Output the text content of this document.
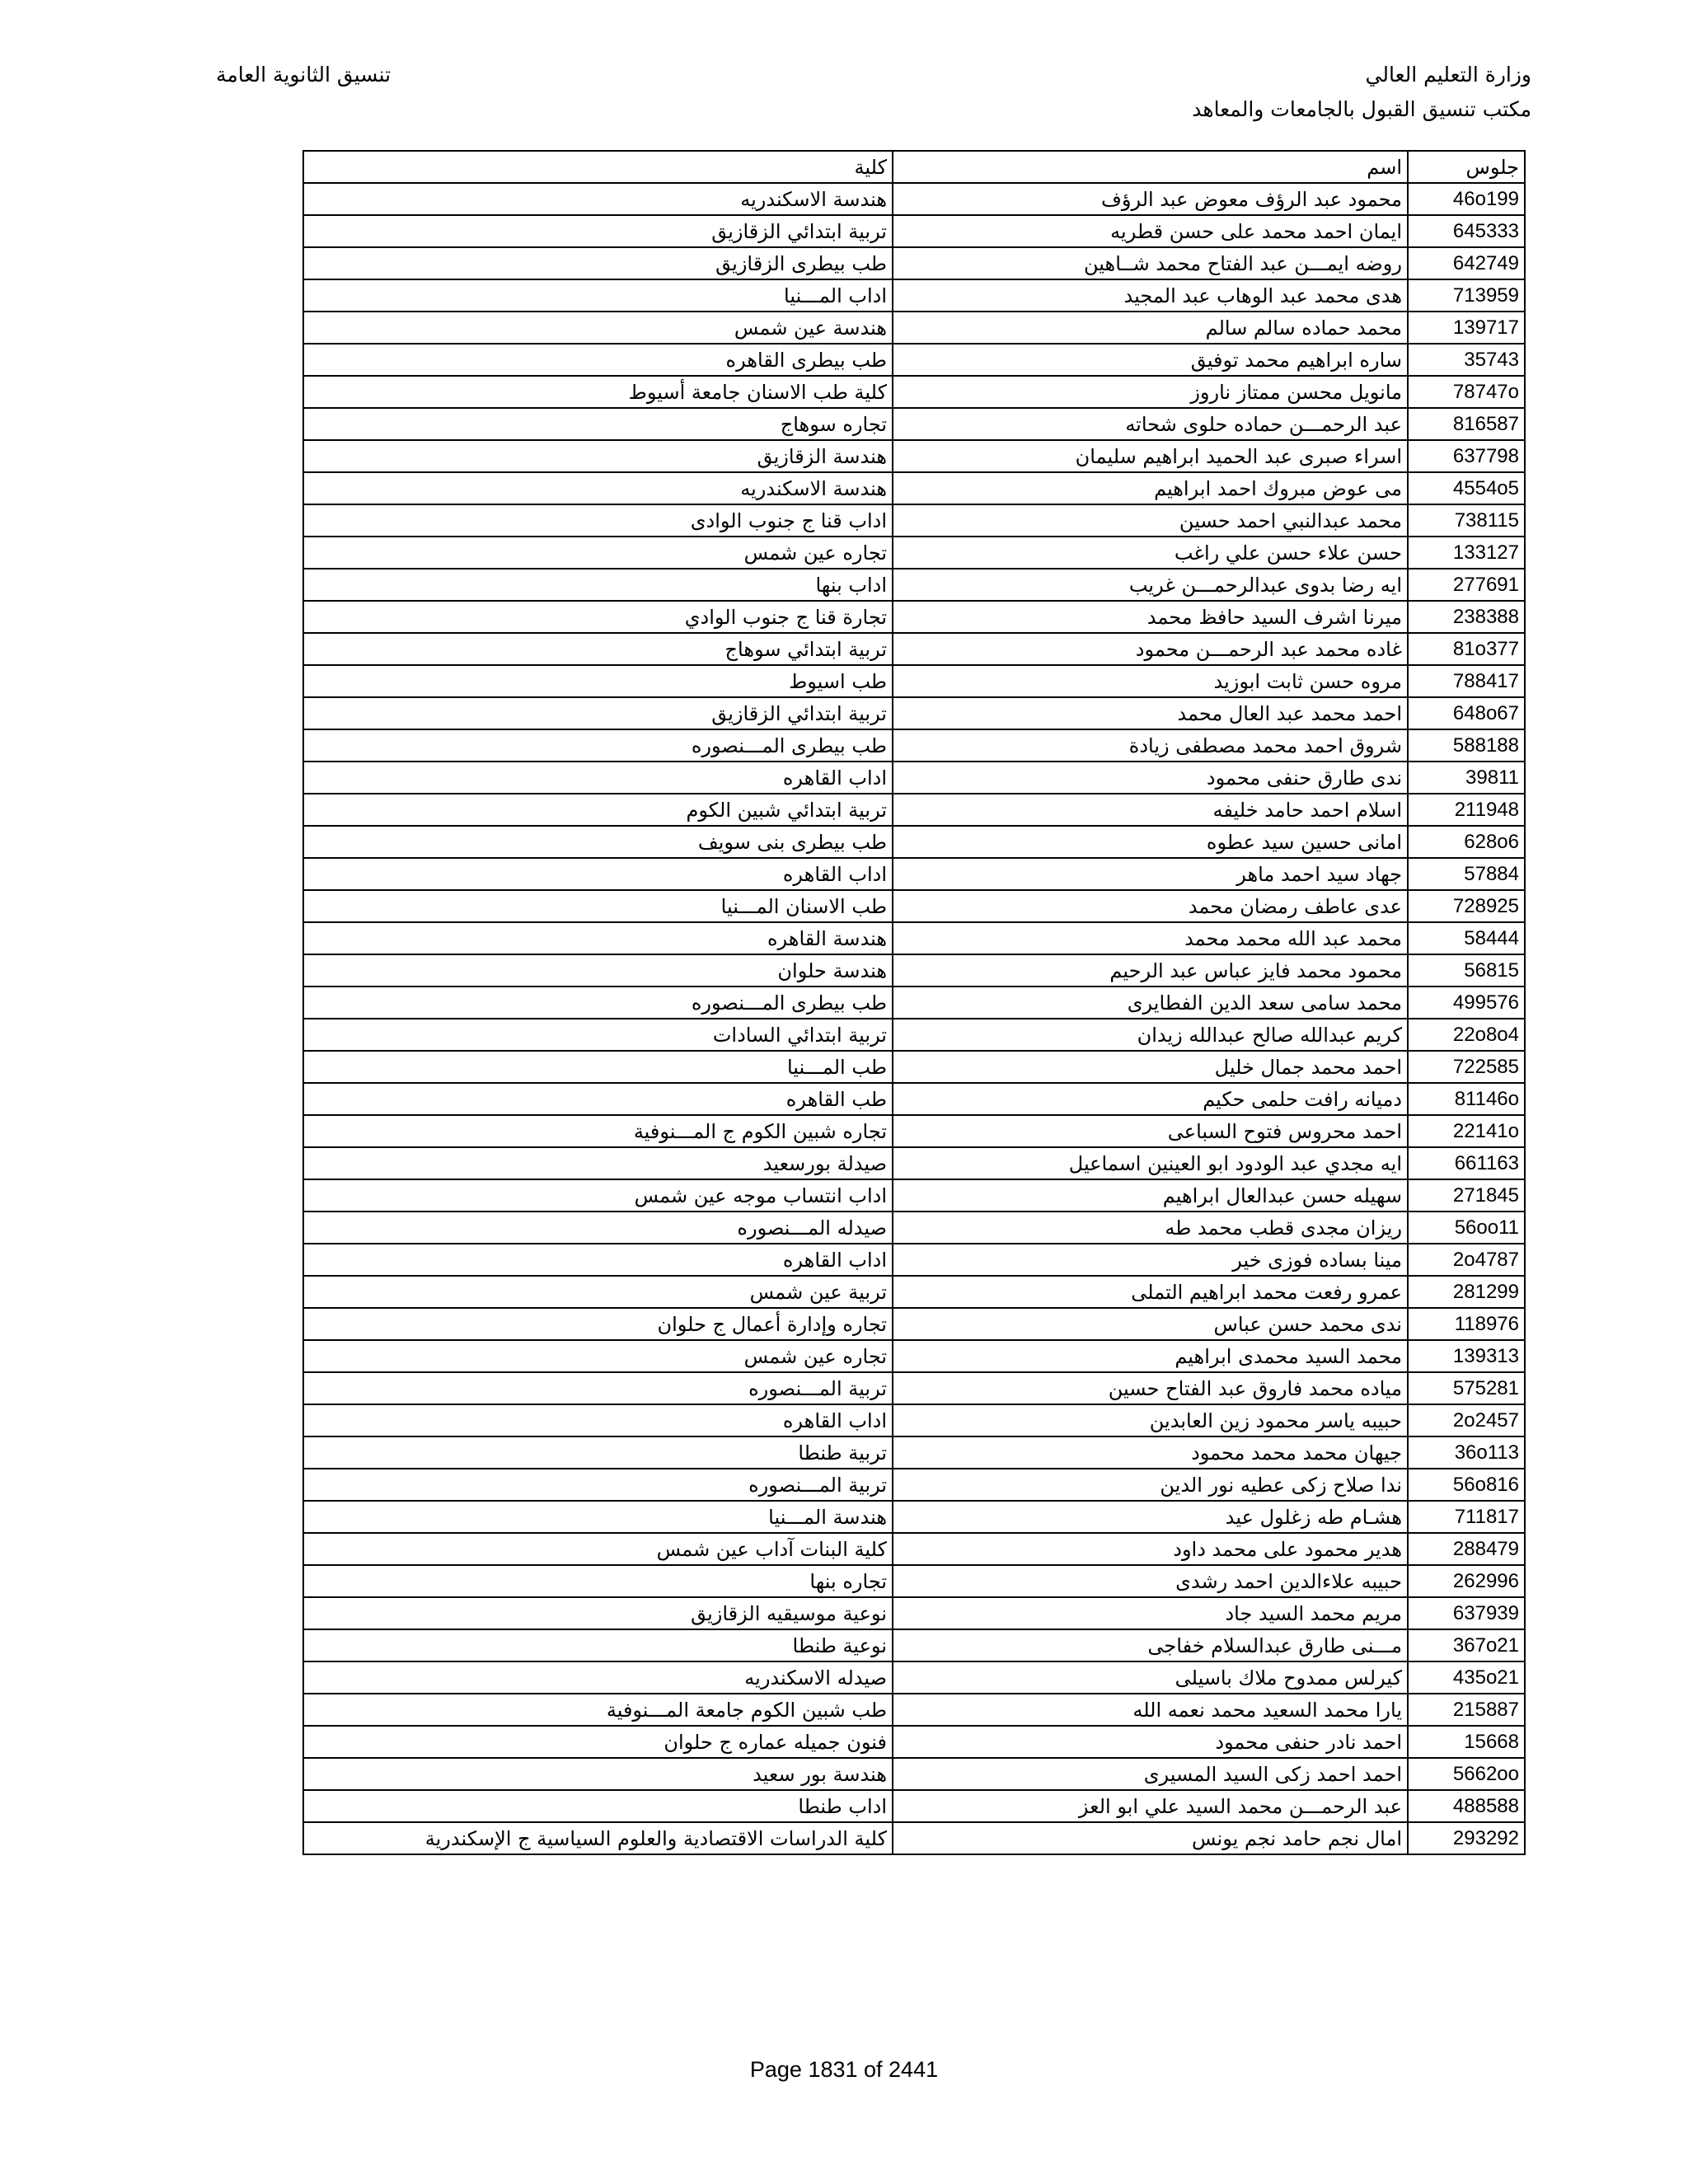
وزارة التعليم العالي
مكتب تنسيق القبول بالجامعات والمعاهد
تنسيق الثانوية العامة
جلوس	اسم	كلية
46o199	محمود عبد الرؤف معوض عبد الرؤف	هندسة الاسكندريه
645333	ايمان احمد محمد على حسن قطريه	تربية ابتدائي الزقازيق
642749	روضه ايمـــن عبد الفتاح محمد شــاهين	طب بيطرى الزقازيق
713959	هدى محمد عبد الوهاب عبد المجيد	اداب المـــنيا
139717	محمد حماده سالم سالم	هندسة عين شمس
35743	ساره ابراهيم محمد توفيق	طب بيطرى القاهره
78747o	مانويل محسن ممتاز ناروز	كلية طب الاسنان جامعة أسيوط
816587	عبد الرحمـــن حماده حلوى شحاته	تجاره سوهاج
637798	اسراء صبرى عبد الحميد ابراهيم سليمان	هندسة الزقازيق
4554o5	مى عوض مبروك احمد ابراهيم	هندسة الاسكندريه
738115	محمد عبدالنبي احمد حسين	اداب قنا ج جنوب الوادى
133127	حسن علاء حسن علي راغب	تجاره عين شمس
277691	ايه رضا بدوى عبدالرحمـــن غريب	اداب بنها
238388	ميرنا اشرف السيد حافظ محمد	تجارة قنا ج جنوب الوادي
81o377	غاده محمد عبد الرحمـــن محمود	تربية ابتدائي سوهاج
788417	مروه حسن ثابت ابوزيد	طب اسيوط
648o67	احمد محمد عبد العال محمد	تربية ابتدائي الزقازيق
588188	شروق احمد محمد مصطفى زيادة	طب بيطرى المـــنصوره
39811	ندى طارق حنفى محمود	اداب القاهره
211948	اسلام احمد حامد خليفه	تربية ابتدائي شبين الكوم
628o6	امانى حسين سيد عطوه	طب بيطرى بنى سويف
57884	جهاد سيد احمد ماهر	اداب القاهره
728925	عدى عاطف رمضان محمد	طب الاسنان المـــنيا
58444	محمد عبد الله محمد محمد	هندسة القاهره
56815	محمود محمد فايز عباس عبد الرحيم	هندسة حلوان
499576	محمد سامى سعد الدين الفطايرى	طب بيطرى المـــنصوره
22o8o4	كريم عبدالله صالح عبدالله زيدان	تربية ابتدائي السادات
722585	احمد محمد جمال خليل	طب المـــنيا
81146o	دميانه رافت حلمى حكيم	طب القاهره
22141o	احمد محروس فتوح السباعى	تجاره شبين الكوم ج المـــنوفية
661163	ايه مجدي عبد الودود ابو العينين اسماعيل	صيدلة بورسعيد
271845	سهيله حسن عبدالعال ابراهيم	اداب انتساب موجه عين شمس
56oo11	ريزان مجدى قطب محمد طه	صيدله المـــنصوره
2o4787	مينا بساده فوزى خير	اداب القاهره
281299	عمرو رفعت محمد ابراهيم التملى	تربية عين شمس
118976	ندى محمد حسن عباس	تجاره وإدارة أعمال ج حلوان
139313	محمد السيد محمدى ابراهيم	تجاره عين شمس
575281	مياده محمد فاروق عبد الفتاح حسين	تربية المـــنصوره
2o2457	حبيبه ياسر محمود زين العابدين	اداب القاهره
36o113	جيهان محمد محمد محمود	تربية طنطا
56o816	ندا صلاح زكى عطيه نور الدين	تربية المـــنصوره
711817	هشـام طه زغلول عيد	هندسة المـــنيا
288479	هدير محمود على محمد داود	كلية البنات آداب عين شمس
262996	حبيبه علاءالدين احمد رشدى	تجاره بنها
637939	مريم محمد السيد جاد	نوعية موسيقيه الزقازيق
367o21	مـــنى طارق عبدالسلام خفاجى	نوعية طنطا
435o21	كيرلس ممدوح ملاك باسيلى	صيدله الاسكندريه
215887	يارا محمد السعيد محمد نعمه الله	طب شبين الكوم جامعة المـــنوفية
15668	احمد نادر حنفى محمود	فنون جميله عماره ج حلوان
5662oo	احمد احمد زكى السيد المسيرى	هندسة بور سعيد
488588	عبد الرحمـــن محمد السيد علي ابو العز	اداب طنطا
293292	امال نجم حامد نجم يونس	كلية الدراسات الاقتصادية والعلوم السياسية ج الإسكندرية
Page 1831 of 2441
